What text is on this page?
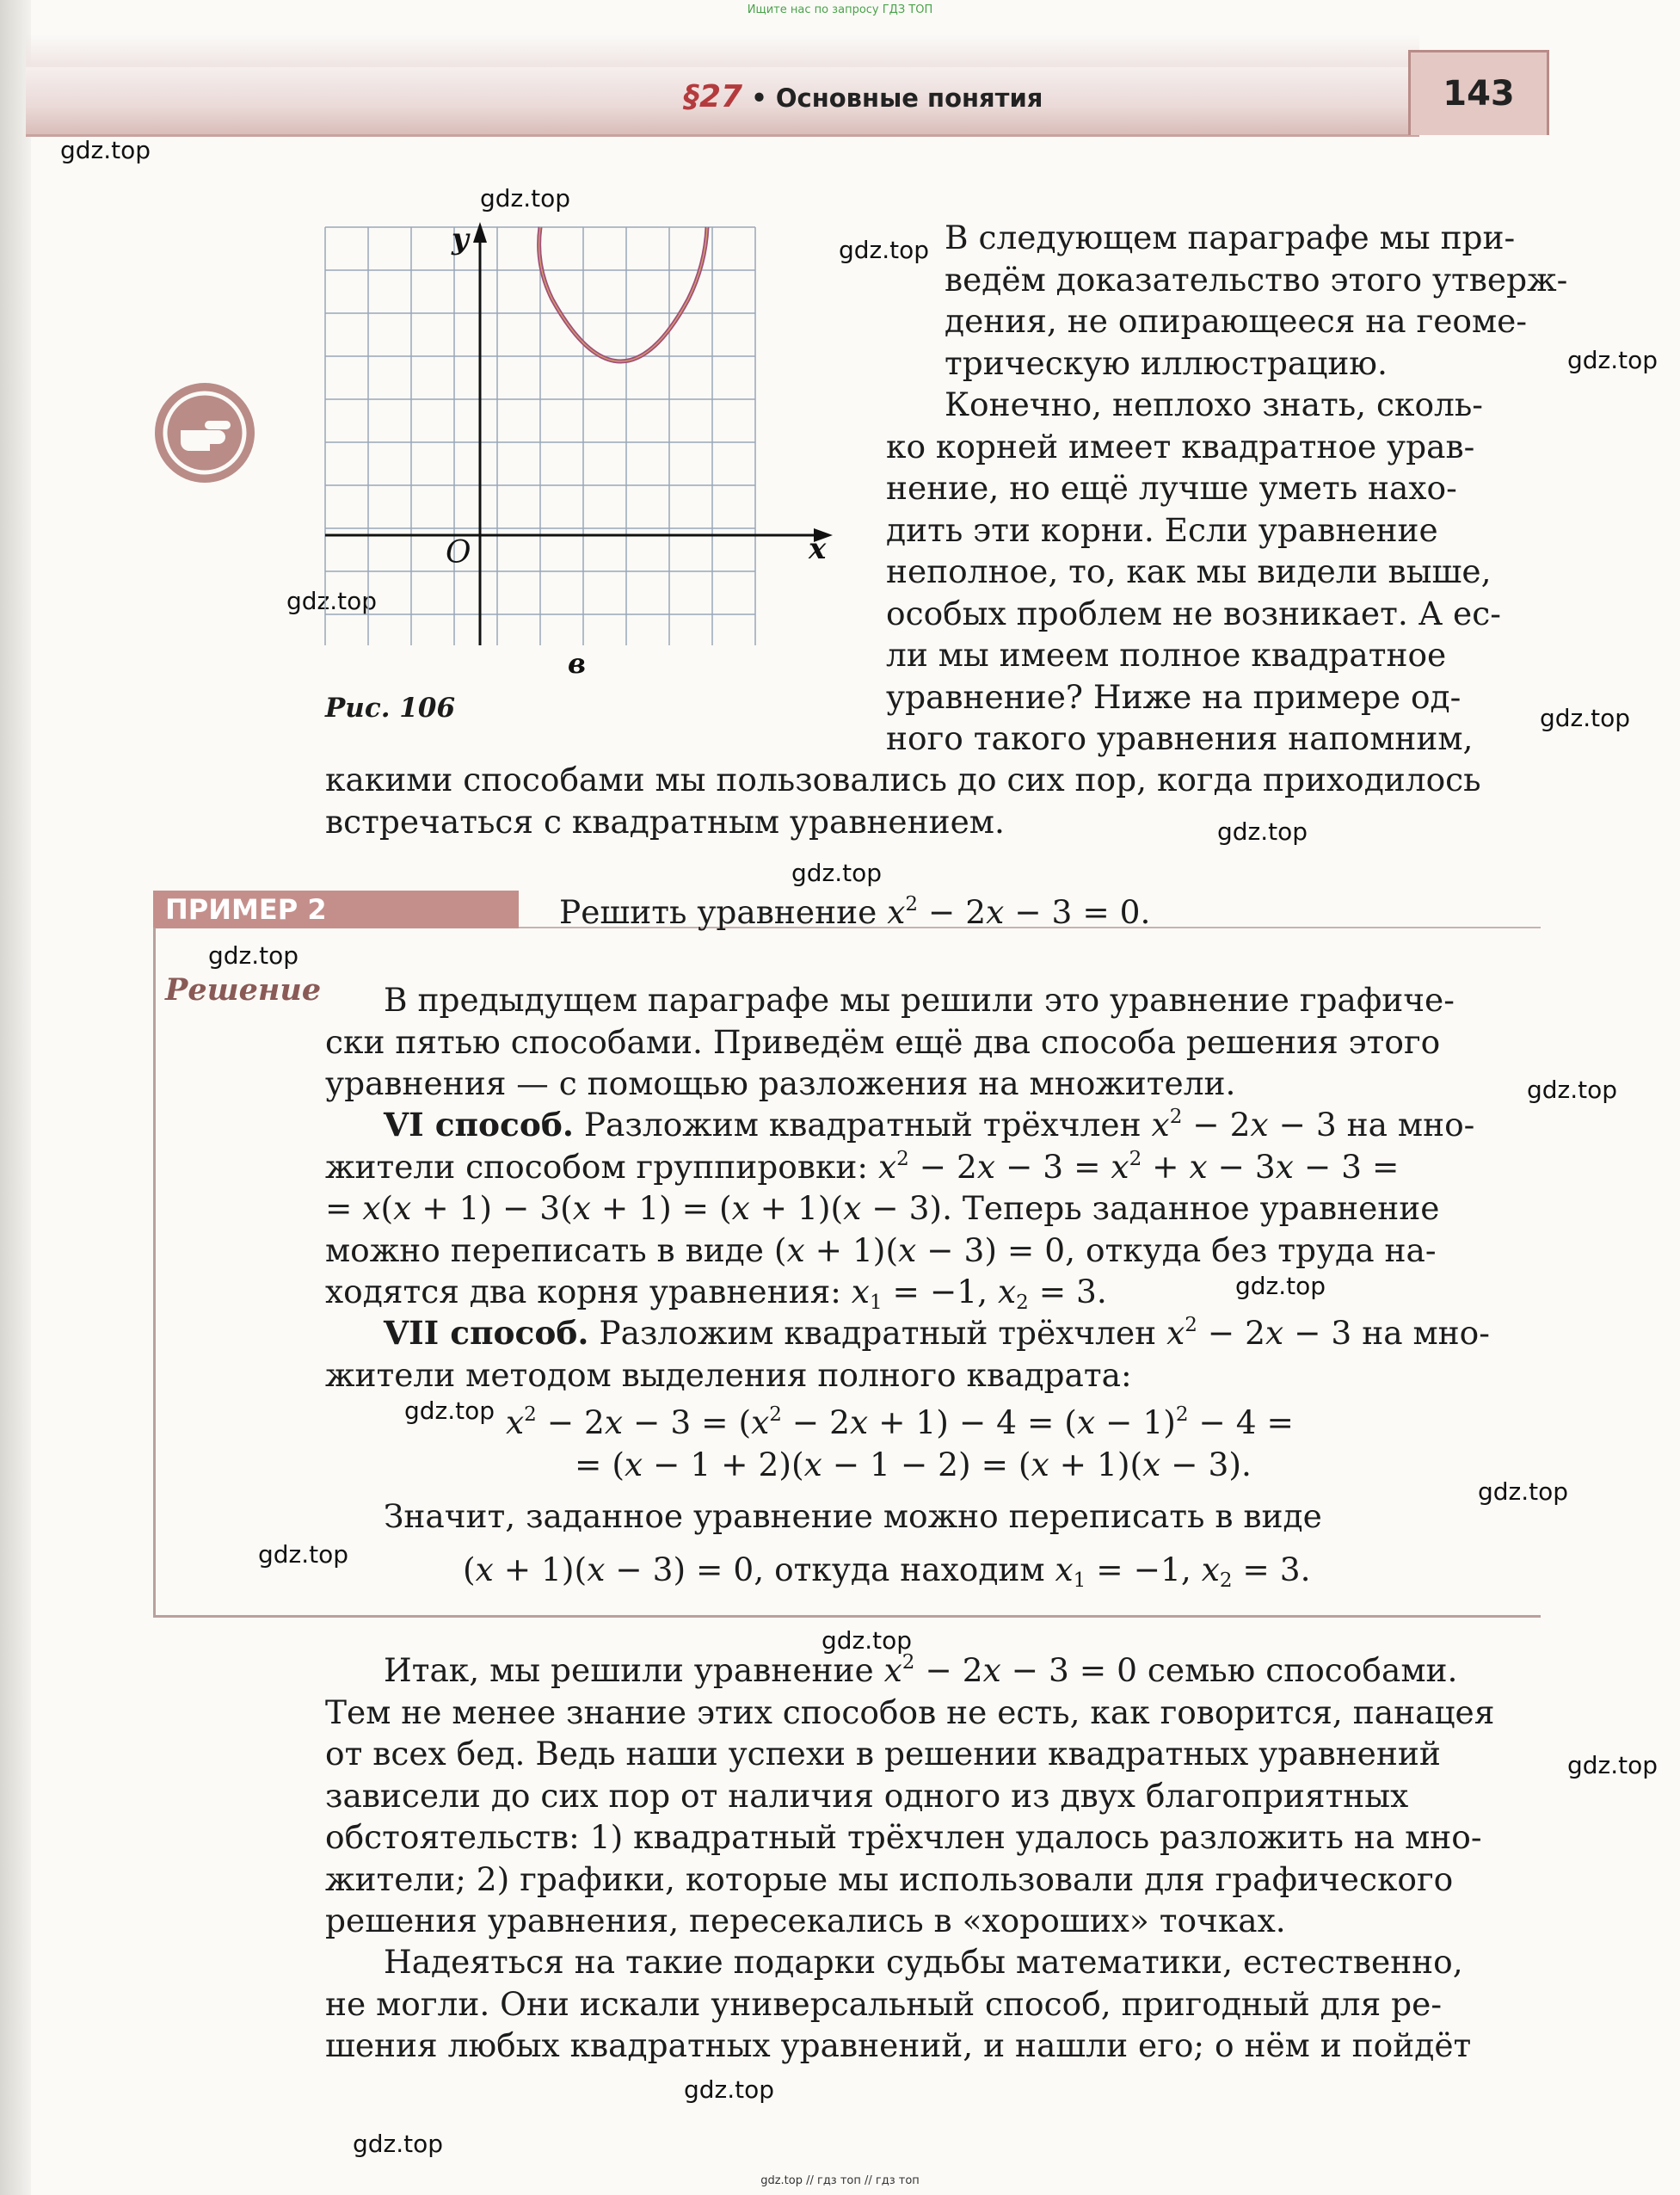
Ищите нас по запросу ГДЗ ТОП
§27 • Основные понятия	143
gdz.top
gdz.top
gdz.top
gdz.top
gdz.top
gdz.top
gdz.top
gdz.top
gdz.top
gdz.top
gdz.top
gdz.top
gdz.top
gdz.top
gdz.top
gdz.top
gdz.top
gdz.top
y
x
O
в
Рис. 106
В следующем параграфе мы при-
ведём доказательство этого утверж-
дения, не опирающееся на геоме-
трическую иллюстрацию.
Конечно, неплохо знать, сколь-
ко корней имеет квадратное урав-
нение, но ещё лучше уметь нахо-
дить эти корни. Если уравнение
неполное, то, как мы видели выше,
особых проблем не возникает. А ес-
ли мы имеем полное квадратное
уравнение? Ниже на примере од-
ного такого уравнения напомним,
какими способами мы пользовались до сих пор, когда приходилось
встречаться с квадратным уравнением.
ПРИМЕР 2	Решить уравнение $x^2 - 2x - 3 = 0$.
Решение	В предыдущем параграфе мы решили это уравнение графиче-
ски пятью способами. Приведём ещё два способа решения этого
уравнения — с помощью разложения на множители.
VI способ. Разложим квадратный трёхчлен $x^2 - 2x - 3$ на мно-
жители способом группировки: $x^2 - 2x - 3 = x^2 + x - 3x - 3$ =
= x(x + 1) − 3(x + 1) = (x + 1)(x − 3). Теперь заданное уравнение
можно переписать в виде (x + 1)(x − 3) = 0, откуда без труда на-
ходятся два корня уравнения: $x_1 = -1$, $x_2 = 3$.
VII способ. Разложим квадратный трёхчлен $x^2 - 2x - 3$ на мно-
жители методом выделения полного квадрата:
$x^2 - 2x - 3 = (x^2 - 2x + 1) - 4 = (x - 1)^2 - 4$ =
= (x − 1 + 2)(x − 1 − 2) = (x + 1)(x − 3).
Значит, заданное уравнение можно переписать в виде
(x + 1)(x − 3) = 0, откуда находим $x_1 = -1$, $x_2 = 3$.
Итак, мы решили уравнение $x^2 - 2x - 3 = 0$ семью способами.
Тем не менее знание этих способов не есть, как говорится, панацея
от всех бед. Ведь наши успехи в решении квадратных уравнений
зависели до сих пор от наличия одного из двух благоприятных
обстоятельств: 1) квадратный трёхчлен удалось разложить на мно-
жители; 2) графики, которые мы использовали для графического
решения уравнения, пересекались в «хороших» точках.
Надеяться на такие подарки судьбы математики, естественно,
не могли. Они искали универсальный способ, пригодный для ре-
шения любых квадратных уравнений, и нашли его; о нём и пойдёт
gdz.top // гдз топ // гдз топ
